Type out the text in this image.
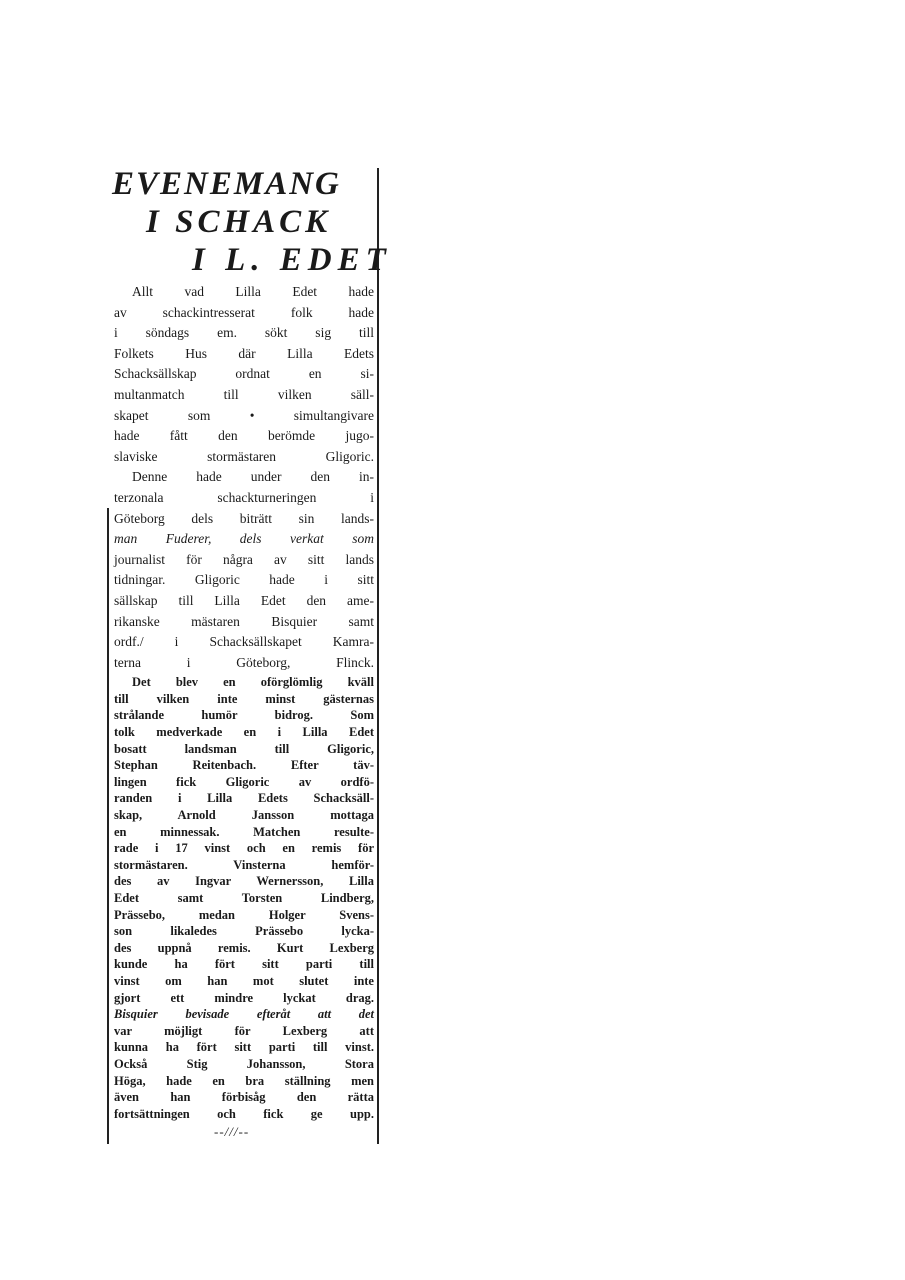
EVENEMANG
I SCHACK
I L. EDET

Allt vad Lilla Edet hade
av schackintresserat folk hade
i söndags em. sökt sig till
Folkets Hus där Lilla Edets
Schacksällskap ordnat en si-
multanmatch till vilken säll-
skapet som • simultangivare
hade fått den berömde jugo-
slaviske stormästaren Gligoric.

Denne hade under den in-
terzonala schackturneringen i
Göteborg dels biträtt sin lands-
man Fuderer, dels verkat som
journalist för några av sitt lands
tidningar. Gligoric hade i sitt
sällskap till Lilla Edet den ame-
rikanske mästaren Bisquier samt
ordf./ i Schacksällskapet Kamra-
terna i Göteborg, Flinck.

Det blev en oförglömlig kväll
till vilken inte minst gästernas
strålande humör bidrog. Som
tolk medverkade en i Lilla Edet
bosatt landsman till Gligoric,
Stephan Reitenbach. Efter täv-
lingen fick Gligoric av ordfö-
randen i Lilla Edets Schacksäll-
skap, Arnold Jansson mottaga
en minnessak. Matchen resulte-
rade i 17 vinst och en remis för
stormästaren. Vinsterna hemför-
des av Ingvar Wernersson, Lilla
Edet samt Torsten Lindberg,
Prässebo, medan Holger Svens-
son likaledes Prässebo lycka-
des uppnå remis. Kurt Lexberg
kunde ha fört sitt parti till
vinst om han mot slutet inte
gjort ett mindre lyckat drag.
Bisquier bevisade efteråt att det
var möjligt för Lexberg att
kunna ha fört sitt parti till vinst.
Också Stig Johansson, Stora
Höga, hade en bra ställning men
även han förbisåg den rätta
fortsättningen och fick ge upp.

--///--
